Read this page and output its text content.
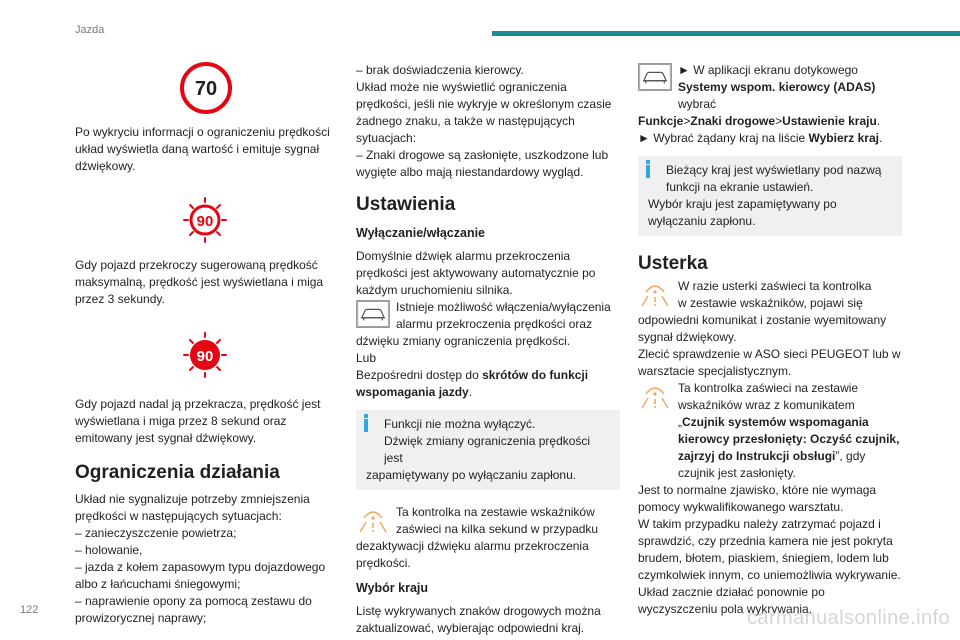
Jazda
70

Po wykryciu informacji o ograniczeniu prędkości układ wyświetla daną wartość i emituje sygnał dźwiękowy.

90

Gdy pojazd przekroczy sugerowaną prędkość maksymalną, prędkość jest wyświetlana i miga przez 3 sekundy.

90

Gdy pojazd nadal ją przekracza, prędkość jest wyświetlana i miga przez 8 sekund oraz emitowany jest sygnał dźwiękowy.

Ograniczenia działania

Układ nie sygnalizuje potrzeby zmniejszenia prędkości w następujących sytuacjach:

– zanieczyszczenie powietrza;

– holowanie,

– jazda z kołem zapasowym typu dojazdowego albo z łańcuchami śniegowymi;

– naprawienie opony za pomocą zestawu do prowizorycznej naprawy;

– brak doświadczenia kierowcy.

Układ może nie wyświetlić ograniczenia prędkości, jeśli nie wykryje w określonym czasie żadnego znaku, a także w następujących sytuacjach:

– Znaki drogowe są zasłonięte, uszkodzone lub wygięte albo mają niestandardowy wygląd.

Ustawienia
Wyłączanie/włączanie

Domyślnie dźwięk alarmu przekroczenia prędkości jest aktywowany automatycznie po każdym uruchomieniu silnika.

Istnieje możliwość włączenia/wyłączenia

alarmu przekroczenia prędkości oraz

dźwięku zmiany ograniczenia prędkości.

Lub

Bezpośredni dostęp do skrótów do funkcji wspomagania jazdy.

Funkcji nie można wyłączyć.

Dźwięk zmiany ograniczenia prędkości jest

zapamiętywany po wyłączaniu zapłonu.

Ta kontrolka na zestawie wskaźników

zaświeci na kilka sekund w przypadku

dezaktywacji dźwięku alarmu przekroczenia prędkości.

Wybór kraju

Listę wykrywanych znaków drogowych można zaktualizować, wybierając odpowiedni kraj.

► W aplikacji ekranu dotykowego Systemy wspom. kierowcy (ADAS) wybrać

Funkcje>Znaki drogowe>Ustawienie kraju.

► Wybrać żądany kraj na liście Wybierz kraj.

Bieżący kraj jest wyświetlany pod nazwą

funkcji na ekranie ustawień.

Wybór kraju jest zapamiętywany po wyłączaniu zapłonu.

Usterka

W razie usterki zaświeci ta kontrolka

w zestawie wskaźników, pojawi się

odpowiedni komunikat i zostanie wyemitowany sygnał dźwiękowy.

Zlecić sprawdzenie w ASO sieci PEUGEOT lub w warsztacie specjalistycznym.

Ta kontrolka zaświeci na zestawie

wskaźników wraz z komunikatem „Czujnik systemów wspomagania kierowcy przesłonięty: Oczyść czujnik, zajrzyj do Instrukcji obsługi”, gdy czujnik jest zasłonięty.

Jest to normalne zjawisko, które nie wymaga pomocy wykwalifikowanego warsztatu.

W takim przypadku należy zatrzymać pojazd i sprawdzić, czy przednia kamera nie jest pokryta brudem, błotem, piaskiem, śniegiem, lodem lub czymkolwiek innym, co uniemożliwia wykrywanie.

Układ zacznie działać ponownie po wyczyszczeniu pola wykrywania.

122	carmanualsonline.info
